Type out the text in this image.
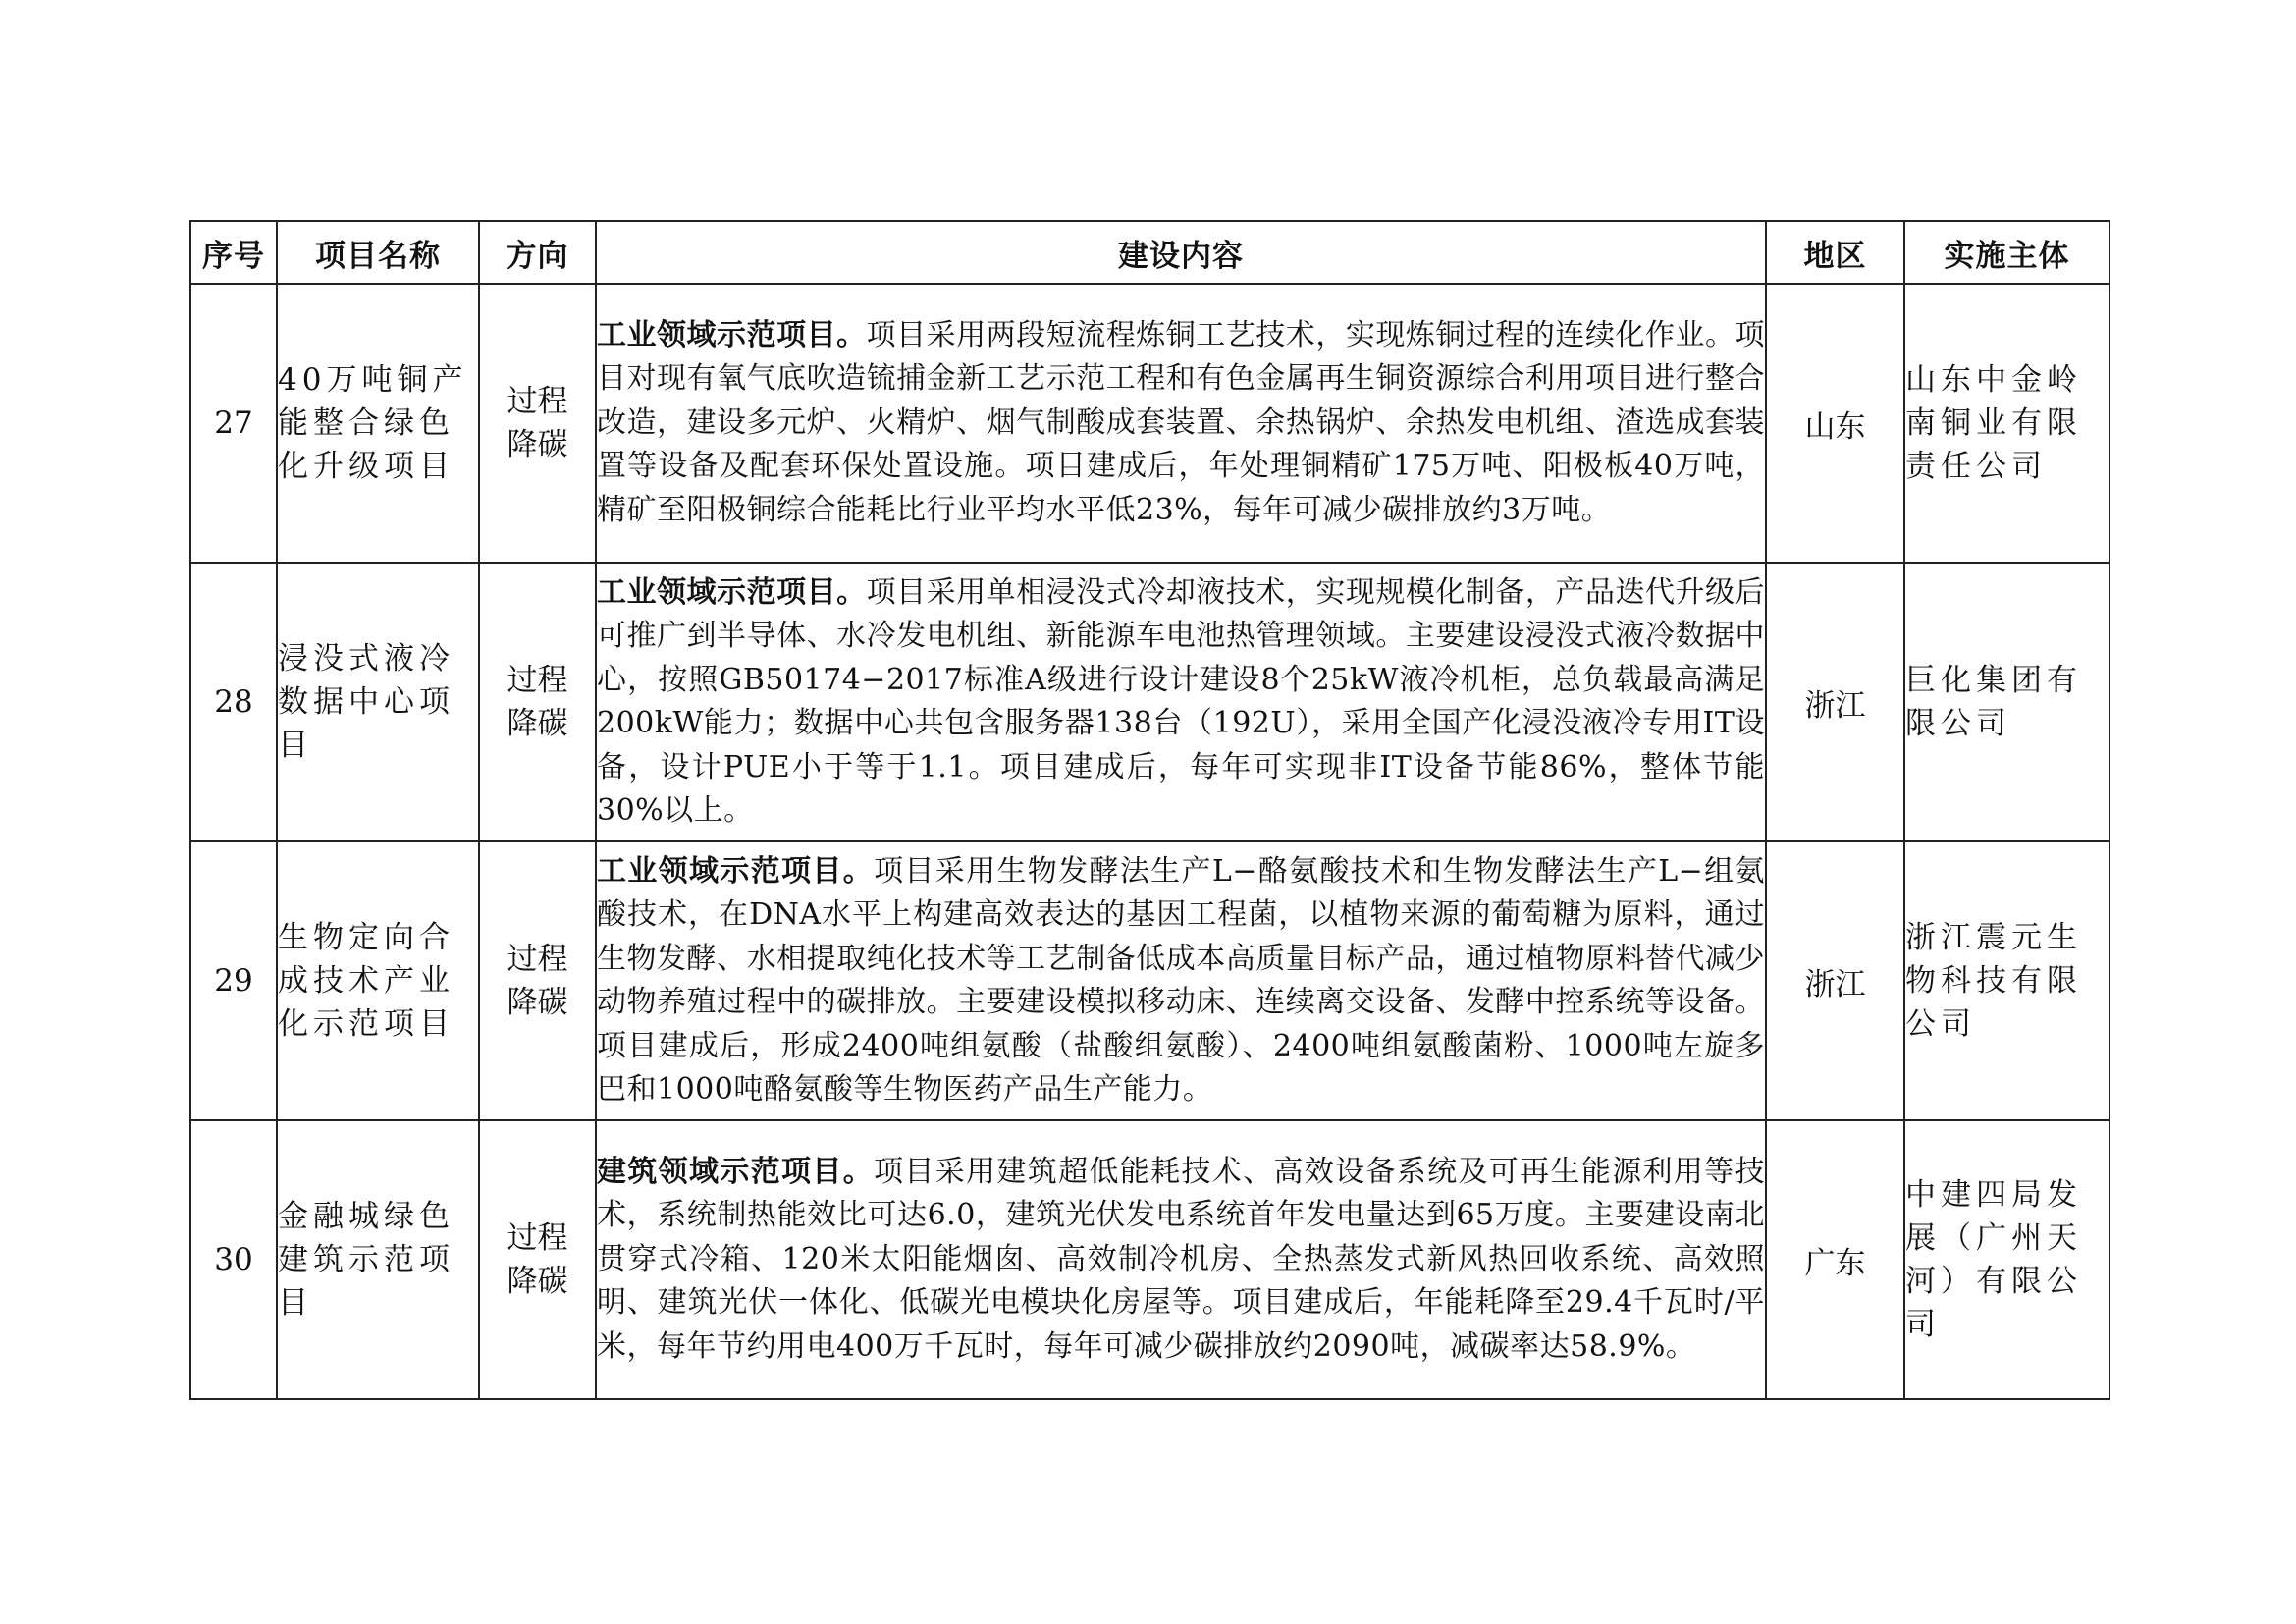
序号	项目名称	方向	建设内容	地区	实施主体
27	40万吨铜产能整合绿色化升级项目	过程降碳	工业领域示范项目。项目采用两段短流程炼铜工艺技术，实现炼铜过程的连续化作业。项目对现有氧气底吹造锍捕金新工艺示范工程和有色金属再生铜资源综合利用项目进行整合改造，建设多元炉、火精炉、烟气制酸成套装置、余热锅炉、余热发电机组、渣选成套装置等设备及配套环保处置设施。项目建成后，年处理铜精矿175万吨、阳极板40万吨，精矿至阳极铜综合能耗比行业平均水平低23%，每年可减少碳排放约3万吨。	山东	山东中金岭南铜业有限责任公司
28	浸没式液冷数据中心项目	过程降碳	工业领域示范项目。项目采用单相浸没式冷却液技术，实现规模化制备，产品迭代升级后可推广到半导体、水冷发电机组、新能源车电池热管理领域。主要建设浸没式液冷数据中心，按照GB50174−2017标准A级进行设计建设8个25kW液冷机柜，总负载最高满足200kW能力；数据中心共包含服务器138台（192U），采用全国产化浸没液冷专用IT设备，设计PUE小于等于1.1。项目建成后，每年可实现非IT设备节能86%，整体节能30%以上。	浙江	巨化集团有限公司
29	生物定向合成技术产业化示范项目	过程降碳	工业领域示范项目。项目采用生物发酵法生产L−酪氨酸技术和生物发酵法生产L−组氨酸技术，在DNA水平上构建高效表达的基因工程菌，以植物来源的葡萄糖为原料，通过生物发酵、水相提取纯化技术等工艺制备低成本高质量目标产品，通过植物原料替代减少动物养殖过程中的碳排放。主要建设模拟移动床、连续离交设备、发酵中控系统等设备。项目建成后，形成2400吨组氨酸（盐酸组氨酸）、2400吨组氨酸菌粉、1000吨左旋多巴和1000吨酪氨酸等生物医药产品生产能力。	浙江	浙江震元生物科技有限公司
30	金融城绿色建筑示范项目	过程降碳	建筑领域示范项目。项目采用建筑超低能耗技术、高效设备系统及可再生能源利用等技术，系统制热能效比可达6.0，建筑光伏发电系统首年发电量达到65万度。主要建设南北贯穿式冷箱、120米太阳能烟囱、高效制冷机房、全热蒸发式新风热回收系统、高效照明、建筑光伏一体化、低碳光电模块化房屋等。项目建成后，年能耗降至29.4千瓦时/平米，每年节约用电400万千瓦时，每年可减少碳排放约2090吨，减碳率达58.9%。	广东	中建四局发展（广州天河）有限公司
